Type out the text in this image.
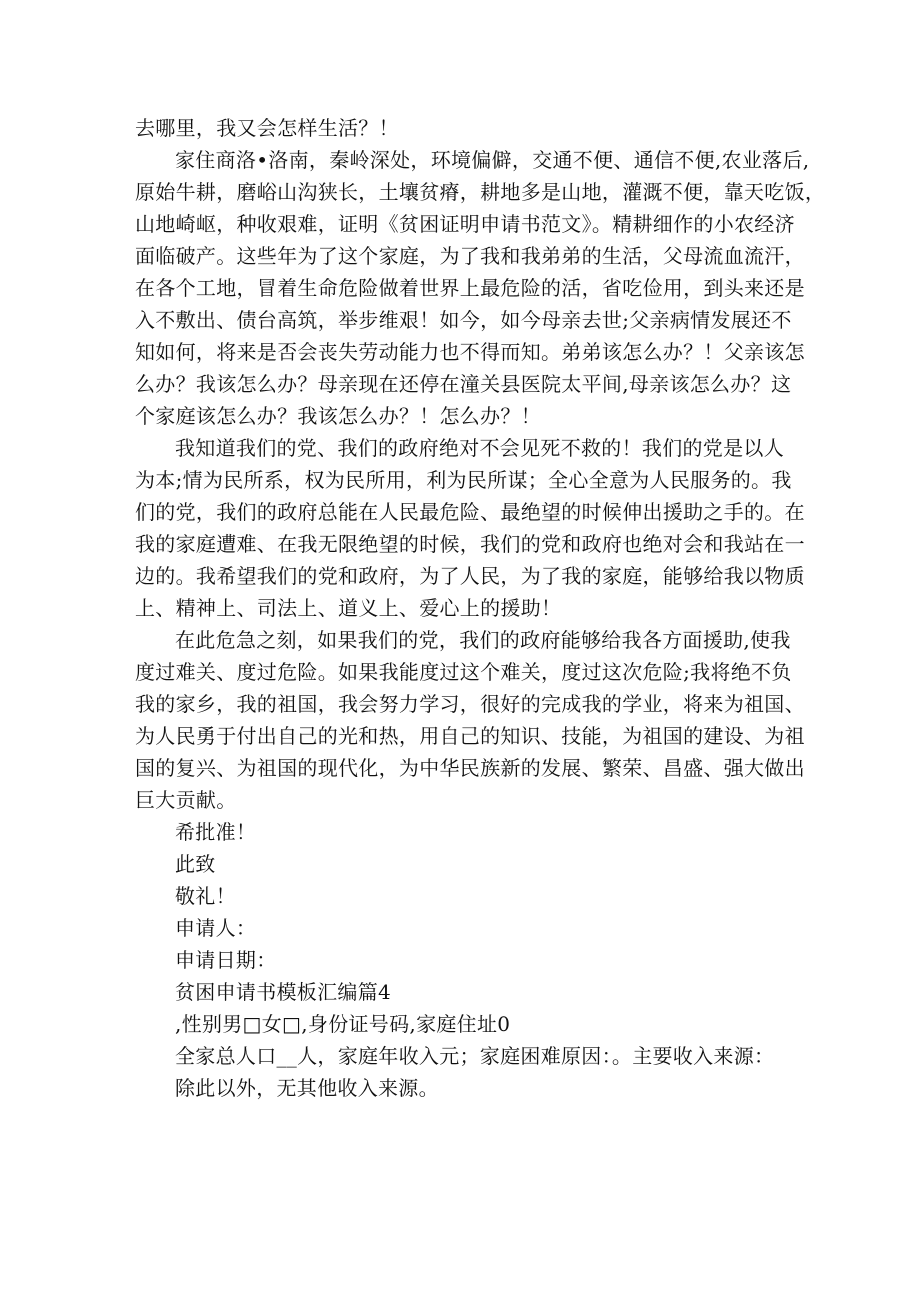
去哪里，我又会怎样生活？！
家住商洛•洛南，秦岭深处，环境偏僻，交通不便、通信不便,农业落后,
原始牛耕，磨峪山沟狭长，土壤贫瘠，耕地多是山地，灌溉不便，靠天吃饭，
山地崎岖，种收艰难，证明《贫困证明申请书范文》。精耕细作的小农经济
面临破产。这些年为了这个家庭，为了我和我弟弟的生活，父母流血流汗，
在各个工地，冒着生命危险做着世界上最危险的活，省吃俭用，到头来还是
入不敷出、债台高筑，举步维艰！如今，如今母亲去世;父亲病情发展还不
知如何，将来是否会丧失劳动能力也不得而知。弟弟该怎么办？！父亲该怎
么办？我该怎么办？母亲现在还停在潼关县医院太平间,母亲该怎么办？这
个家庭该怎么办？我该怎么办？！怎么办？！
我知道我们的党、我们的政府绝对不会见死不救的！我们的党是以人
为本;情为民所系，权为民所用，利为民所谋；全心全意为人民服务的。我
们的党，我们的政府总能在人民最危险、最绝望的时候伸出援助之手的。在
我的家庭遭难、在我无限绝望的时候，我们的党和政府也绝对会和我站在一
边的。我希望我们的党和政府，为了人民，为了我的家庭，能够给我以物质
上、精神上、司法上、道义上、爱心上的援助！
在此危急之刻，如果我们的党，我们的政府能够给我各方面援助,使我
度过难关、度过危险。如果我能度过这个难关，度过这次危险;我将绝不负
我的家乡，我的祖国，我会努力学习，很好的完成我的学业，将来为祖国、
为人民勇于付出自己的光和热，用自己的知识、技能，为祖国的建设、为祖
国的复兴、为祖国的现代化，为中华民族新的发展、繁荣、昌盛、强大做出
巨大贡献。
希批准！
此致
敬礼！
申请人：
申请日期：
贫困申请书模板汇编篇4
,性别男□女□,身份证号码,家庭住址0
全家总人口__人，家庭年收入元；家庭困难原因：。主要收入来源：
除此以外，无其他收入来源。
